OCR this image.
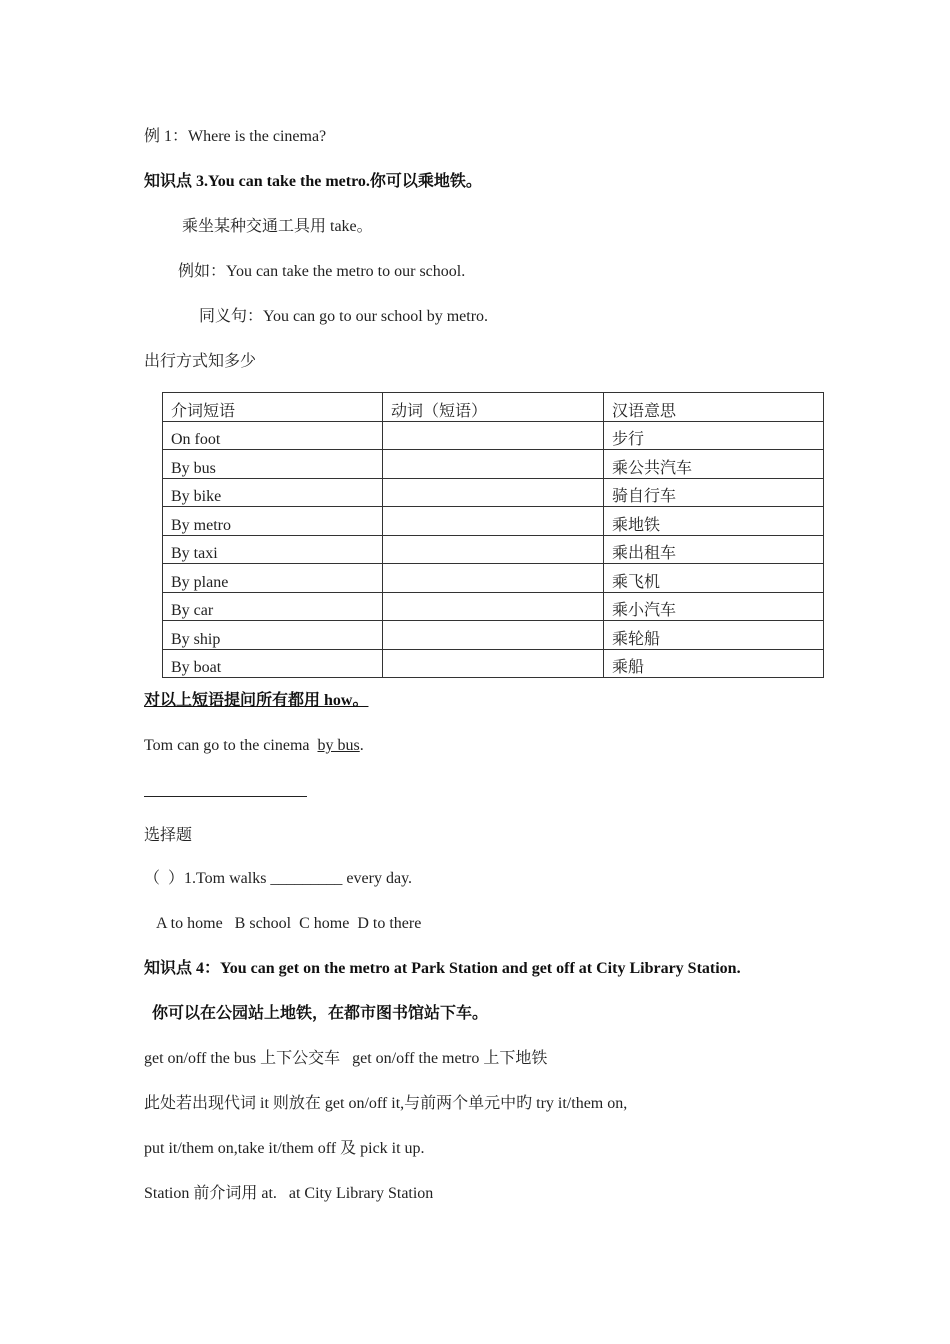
例 1：Where is the cinema?
知识点 3.You can take the metro.你可以乘地铁。
乘坐某种交通工具用 take。
例如：You can take the metro to our school.
同义句：You can go to our school by metro.
出行方式知多少
介词短语	动词（短语）	汉语意思
On foot		步行
By bus		乘公共汽车
By bike		骑自行车
By metro		乘地铁
By taxi		乘出租车
By plane		乘飞机
By car		乘小汽车
By ship		乘轮船
By boat		乘船
对以上短语提问所有都用 how。
Tom can go to the cinema  by bus.
选择题
（  ）1.Tom walks _________ every day.
A to home   B school  C home  D to there
知识点 4：You can get on the metro at Park Station and get off at City Library Station.
你可以在公园站上地铁，在都市图书馆站下车。
get on/off the bus 上下公交车   get on/off the metro 上下地铁
此处若出现代词 it 则放在 get on/off it,与前两个单元中旳 try it/them on,
put it/them on,take it/them off 及 pick it up.
Station 前介词用 at.   at City Library Station
